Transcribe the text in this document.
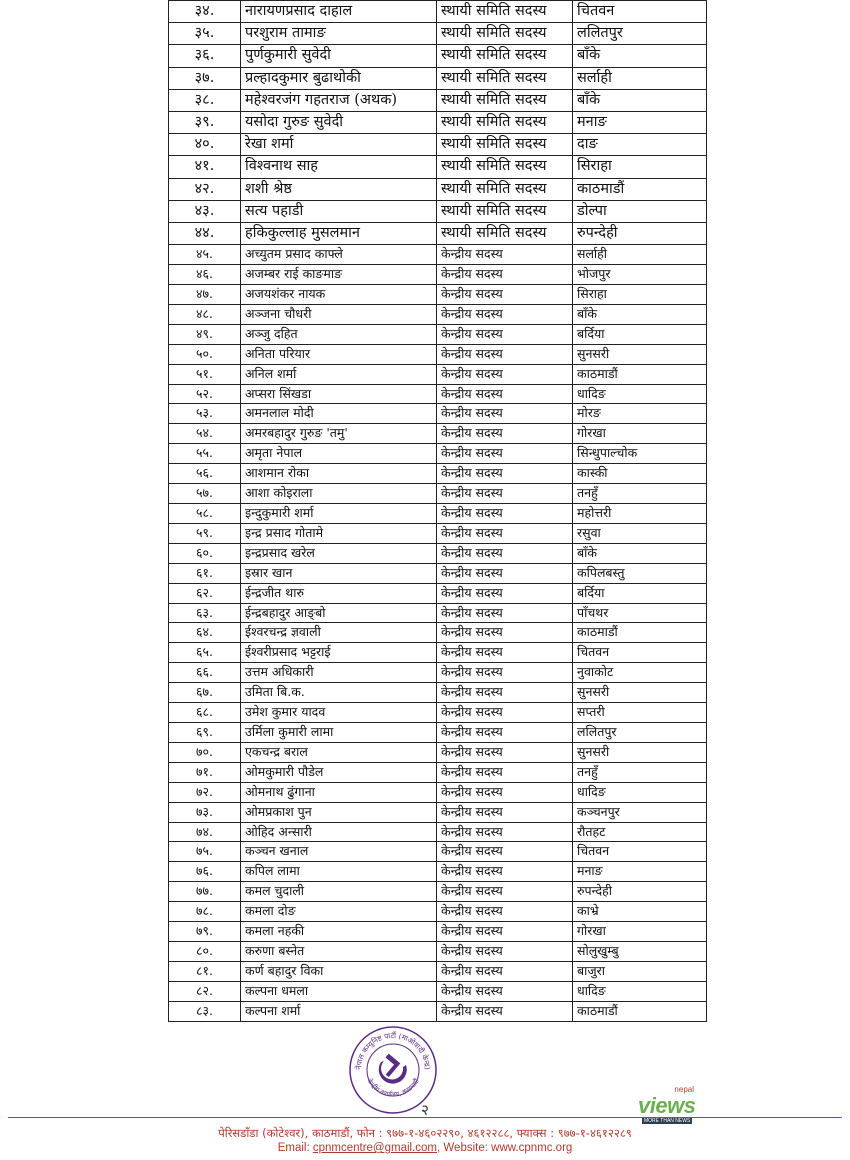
३४.	नारायणप्रसाद दाहाल	स्थायी समिति सदस्य	चितवन
३५.	परशुराम तामाङ	स्थायी समिति सदस्य	ललितपुर
३६.	पुर्णकुमारी सुवेदी	स्थायी समिति सदस्य	बाँके
३७.	प्रल्हादकुमार बुढाथोकी	स्थायी समिति सदस्य	सर्लाही
३८.	महेश्वरजंग गहतराज (अथक)	स्थायी समिति सदस्य	बाँके
३९.	यसोदा गुरुङ सुवेदी	स्थायी समिति सदस्य	मनाङ
४०.	रेखा शर्मा	स्थायी समिति सदस्य	दाङ
४१.	विश्वनाथ साह	स्थायी समिति सदस्य	सिराहा
४२.	शशी श्रेष्ठ	स्थायी समिति सदस्य	काठमाडौं
४३.	सत्य पहाडी	स्थायी समिति सदस्य	डोल्पा
४४.	हकिकुल्लाह मुसलमान	स्थायी समिति सदस्य	रुपन्देही
४५.	अच्युतम प्रसाद काफ्ले	केन्द्रीय सदस्य	सर्लाही
४६.	अजम्बर राई काङमाङ	केन्द्रीय सदस्य	भोजपुर
४७.	अजयशंकर नायक	केन्द्रीय सदस्य	सिराहा
४८.	अञ्जना चौधरी	केन्द्रीय सदस्य	बाँके
४९.	अञ्जु दहित	केन्द्रीय सदस्य	बर्दिया
५०.	अनिता परियार	केन्द्रीय सदस्य	सुनसरी
५१.	अनिल शर्मा	केन्द्रीय सदस्य	काठमाडौं
५२.	अप्सरा सिंखडा	केन्द्रीय सदस्य	धादिङ
५३.	अमनलाल मोदी	केन्द्रीय सदस्य	मोरङ
५४.	अमरबहादुर गुरुङ 'तमु'	केन्द्रीय सदस्य	गोरखा
५५.	अमृता नेपाल	केन्द्रीय सदस्य	सिन्धुपाल्चोक
५६.	आशमान रोका	केन्द्रीय सदस्य	कास्की
५७.	आशा कोइराला	केन्द्रीय सदस्य	तनहुँ
५८.	इन्दुकुमारी शर्मा	केन्द्रीय सदस्य	महोत्तरी
५९.	इन्द्र प्रसाद गोतामे	केन्द्रीय सदस्य	रसुवा
६०.	इन्द्रप्रसाद खरेल	केन्द्रीय सदस्य	बाँके
६१.	इस्रार खान	केन्द्रीय सदस्य	कपिलबस्तु
६२.	ईन्द्रजीत थारु	केन्द्रीय सदस्य	बर्दिया
६३.	ईन्द्रबहादुर आङ्बो	केन्द्रीय सदस्य	पाँचथर
६४.	ईश्वरचन्द्र ज्ञवाली	केन्द्रीय सदस्य	काठमाडौं
६५.	ईश्वरीप्रसाद भट्टराई	केन्द्रीय सदस्य	चितवन
६६.	उत्तम अधिकारी	केन्द्रीय सदस्य	नुवाकोट
६७.	उमिता बि.क.	केन्द्रीय सदस्य	सुनसरी
६८.	उमेश कुमार यादव	केन्द्रीय सदस्य	सप्तरी
६९.	उर्मिला कुमारी लामा	केन्द्रीय सदस्य	ललितपुर
७०.	एकचन्द्र बराल	केन्द्रीय सदस्य	सुनसरी
७१.	ओमकुमारी पौडेल	केन्द्रीय सदस्य	तनहुँ
७२.	ओमनाथ ढुंगाना	केन्द्रीय सदस्य	धादिङ
७३.	ओमप्रकाश पुन	केन्द्रीय सदस्य	कञ्चनपुर
७४.	ओहिद अन्सारी	केन्द्रीय सदस्य	रौतहट
७५.	कञ्चन खनाल	केन्द्रीय सदस्य	चितवन
७६.	कपिल लामा	केन्द्रीय सदस्य	मनाङ
७७.	कमल चुदाली	केन्द्रीय सदस्य	रुपन्देही
७८.	कमला दोङ	केन्द्रीय सदस्य	काभ्रे
७९.	कमला नहकी	केन्द्रीय सदस्य	गोरखा
८०.	करुणा बस्नेत	केन्द्रीय सदस्य	सोलुखुम्बु
८१.	कर्ण बहादुर विका	केन्द्रीय सदस्य	बाजुरा
८२.	कल्पना धमला	केन्द्रीय सदस्य	धादिङ
८३.	कल्पना शर्मा	केन्द्रीय सदस्य	काठमाडौं
नेपाल कम्युनिष्ट पार्टी (माओवादी केन्द्र)
केन्द्रीय कार्यालय, काठमाडौं
२
पेरिसडाँडा (कोटेश्वर), काठमाडौं, फोन : ९७७-१-४६०२२९०, ४६१२२८८, फ्याक्स : ९७७-१-४६१२२८९
Email: cpnmcentre@gmail.com, Website: www.cpnmc.org
nepal
views
MORE THAN NEWS
